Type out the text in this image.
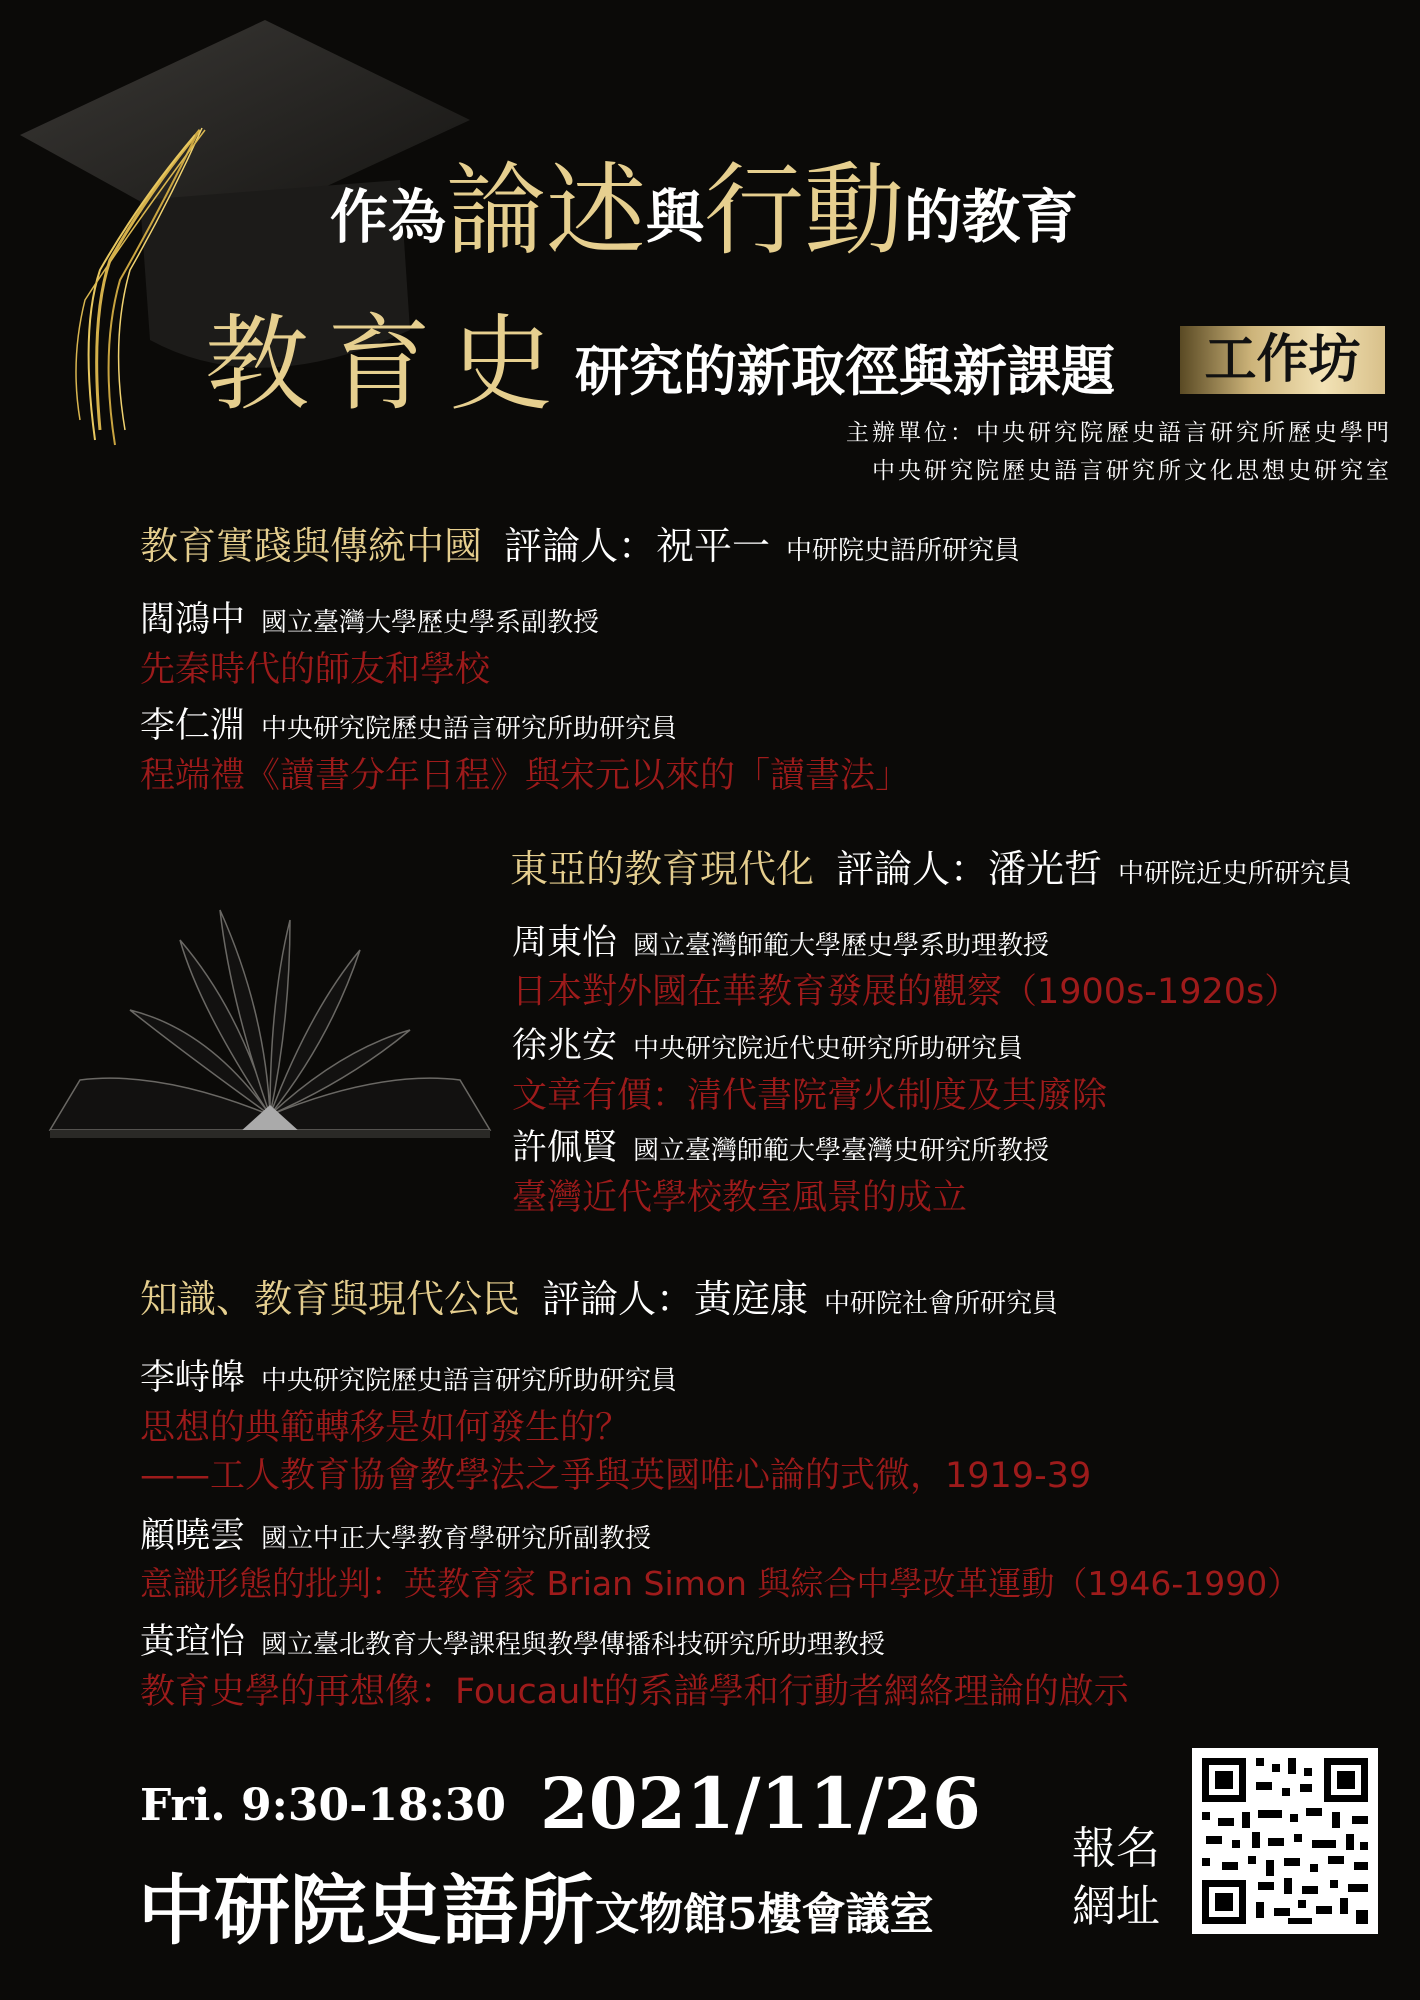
作為論述與行動的教育
教育史研究的新取徑與新課題	工作坊
主辦單位：中央研究院歷史語言研究所歷史學門
中央研究院歷史語言研究所文化思想史研究室
教育實踐與傳統中國 評論人：祝平一 中研院史語所研究員
閻鴻中 國立臺灣大學歷史學系副教授
先秦時代的師友和學校
李仁淵 中央研究院歷史語言研究所助研究員
程端禮《讀書分年日程》與宋元以來的「讀書法」
東亞的教育現代化 評論人：潘光哲 中研院近史所研究員
周東怡 國立臺灣師範大學歷史學系助理教授
日本對外國在華教育發展的觀察（1900s-1920s）
徐兆安 中央研究院近代史研究所助研究員
文章有價：清代書院膏火制度及其廢除
許佩賢 國立臺灣師範大學臺灣史研究所教授
臺灣近代學校教室風景的成立
知識、教育與現代公民 評論人：黃庭康 中研院社會所研究員
李峙皞 中央研究院歷史語言研究所助研究員
思想的典範轉移是如何發生的？
——工人教育協會教學法之爭與英國唯心論的式微，1919-39
顧曉雲 國立中正大學教育學研究所副教授
意識形態的批判：英教育家 Brian Simon 與綜合中學改革運動（1946-1990）
黃瑄怡 國立臺北教育大學課程與教學傳播科技研究所助理教授
教育史學的再想像：Foucault的系譜學和行動者網絡理論的啟示
Fri. 9:30-18:30 2021/11/26
中研院史語所 文物館5樓會議室
報名
網址
